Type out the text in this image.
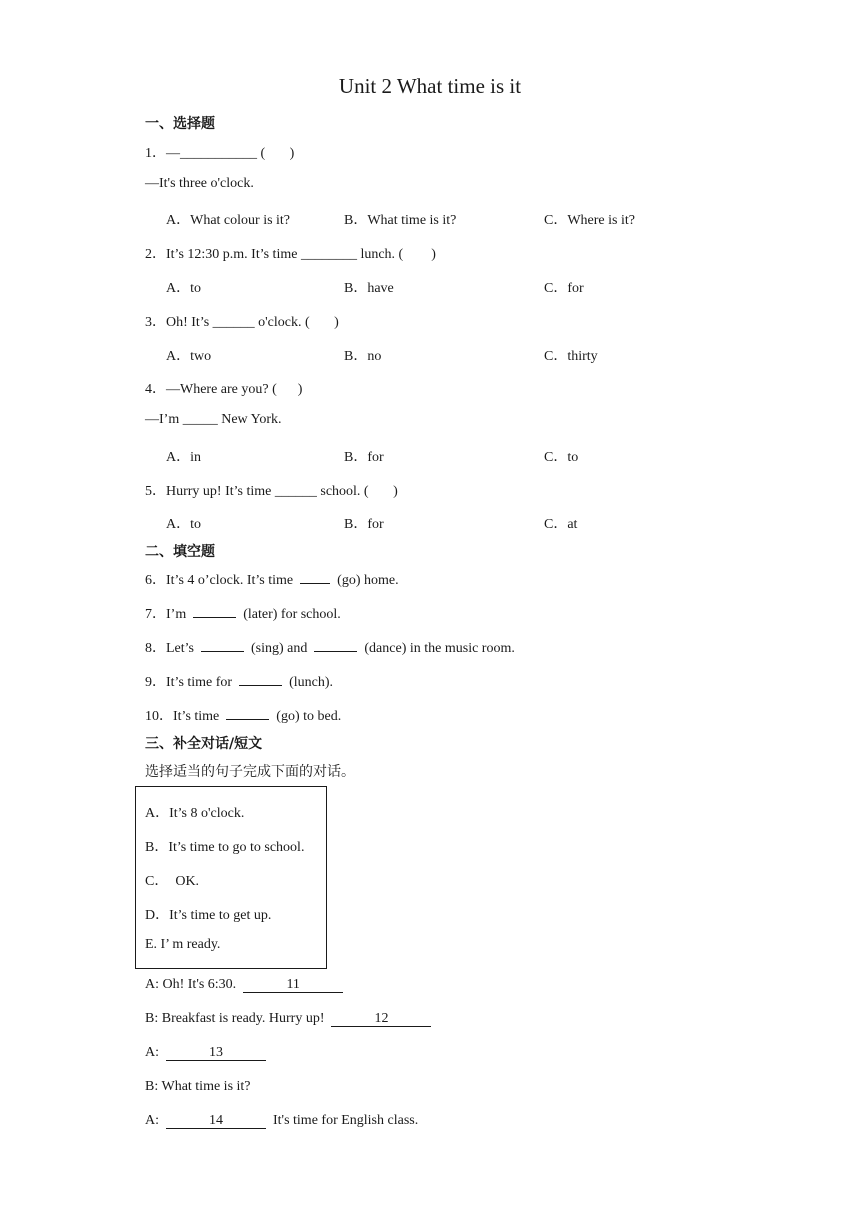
Unit 2 What time is it
一、选择题
1．—___________ (       )
—It's three o'clock.
A．What colour is it?	B．What time is it?	C．Where is it?
2．It’s 12:30 p.m. It’s time ________ lunch. (        )
A．to	B．have	C．for
3．Oh! It’s ______ o'clock. (       )
A．two	B．no	C．thirty
4．—Where are you? (      )
—I’m _____ New York.
A．in	B．for	C．to
5．Hurry up! It’s time ______ school. (       )
A．to	B．for	C．at
二、填空题
6．It’s 4 o’clock. It’s time	(go) home.
7．I’m	(later) for school.
8．Let’s	(sing) and	(dance) in the music room.
9．It’s time for	(lunch).
10．It’s time	(go) to bed.
三、补全对话/短文
选择适当的句子完成下面的对话。
A．It’s 8 o'clock.
B．It’s time to go to school.
C．  OK.
D．It’s time to get up.
E. I’ m ready.
A: Oh! It's 6:30.	11
B: Breakfast is ready. Hurry up!	12
A:	13
B: What time is it?
A:	14	It's time for English class.
